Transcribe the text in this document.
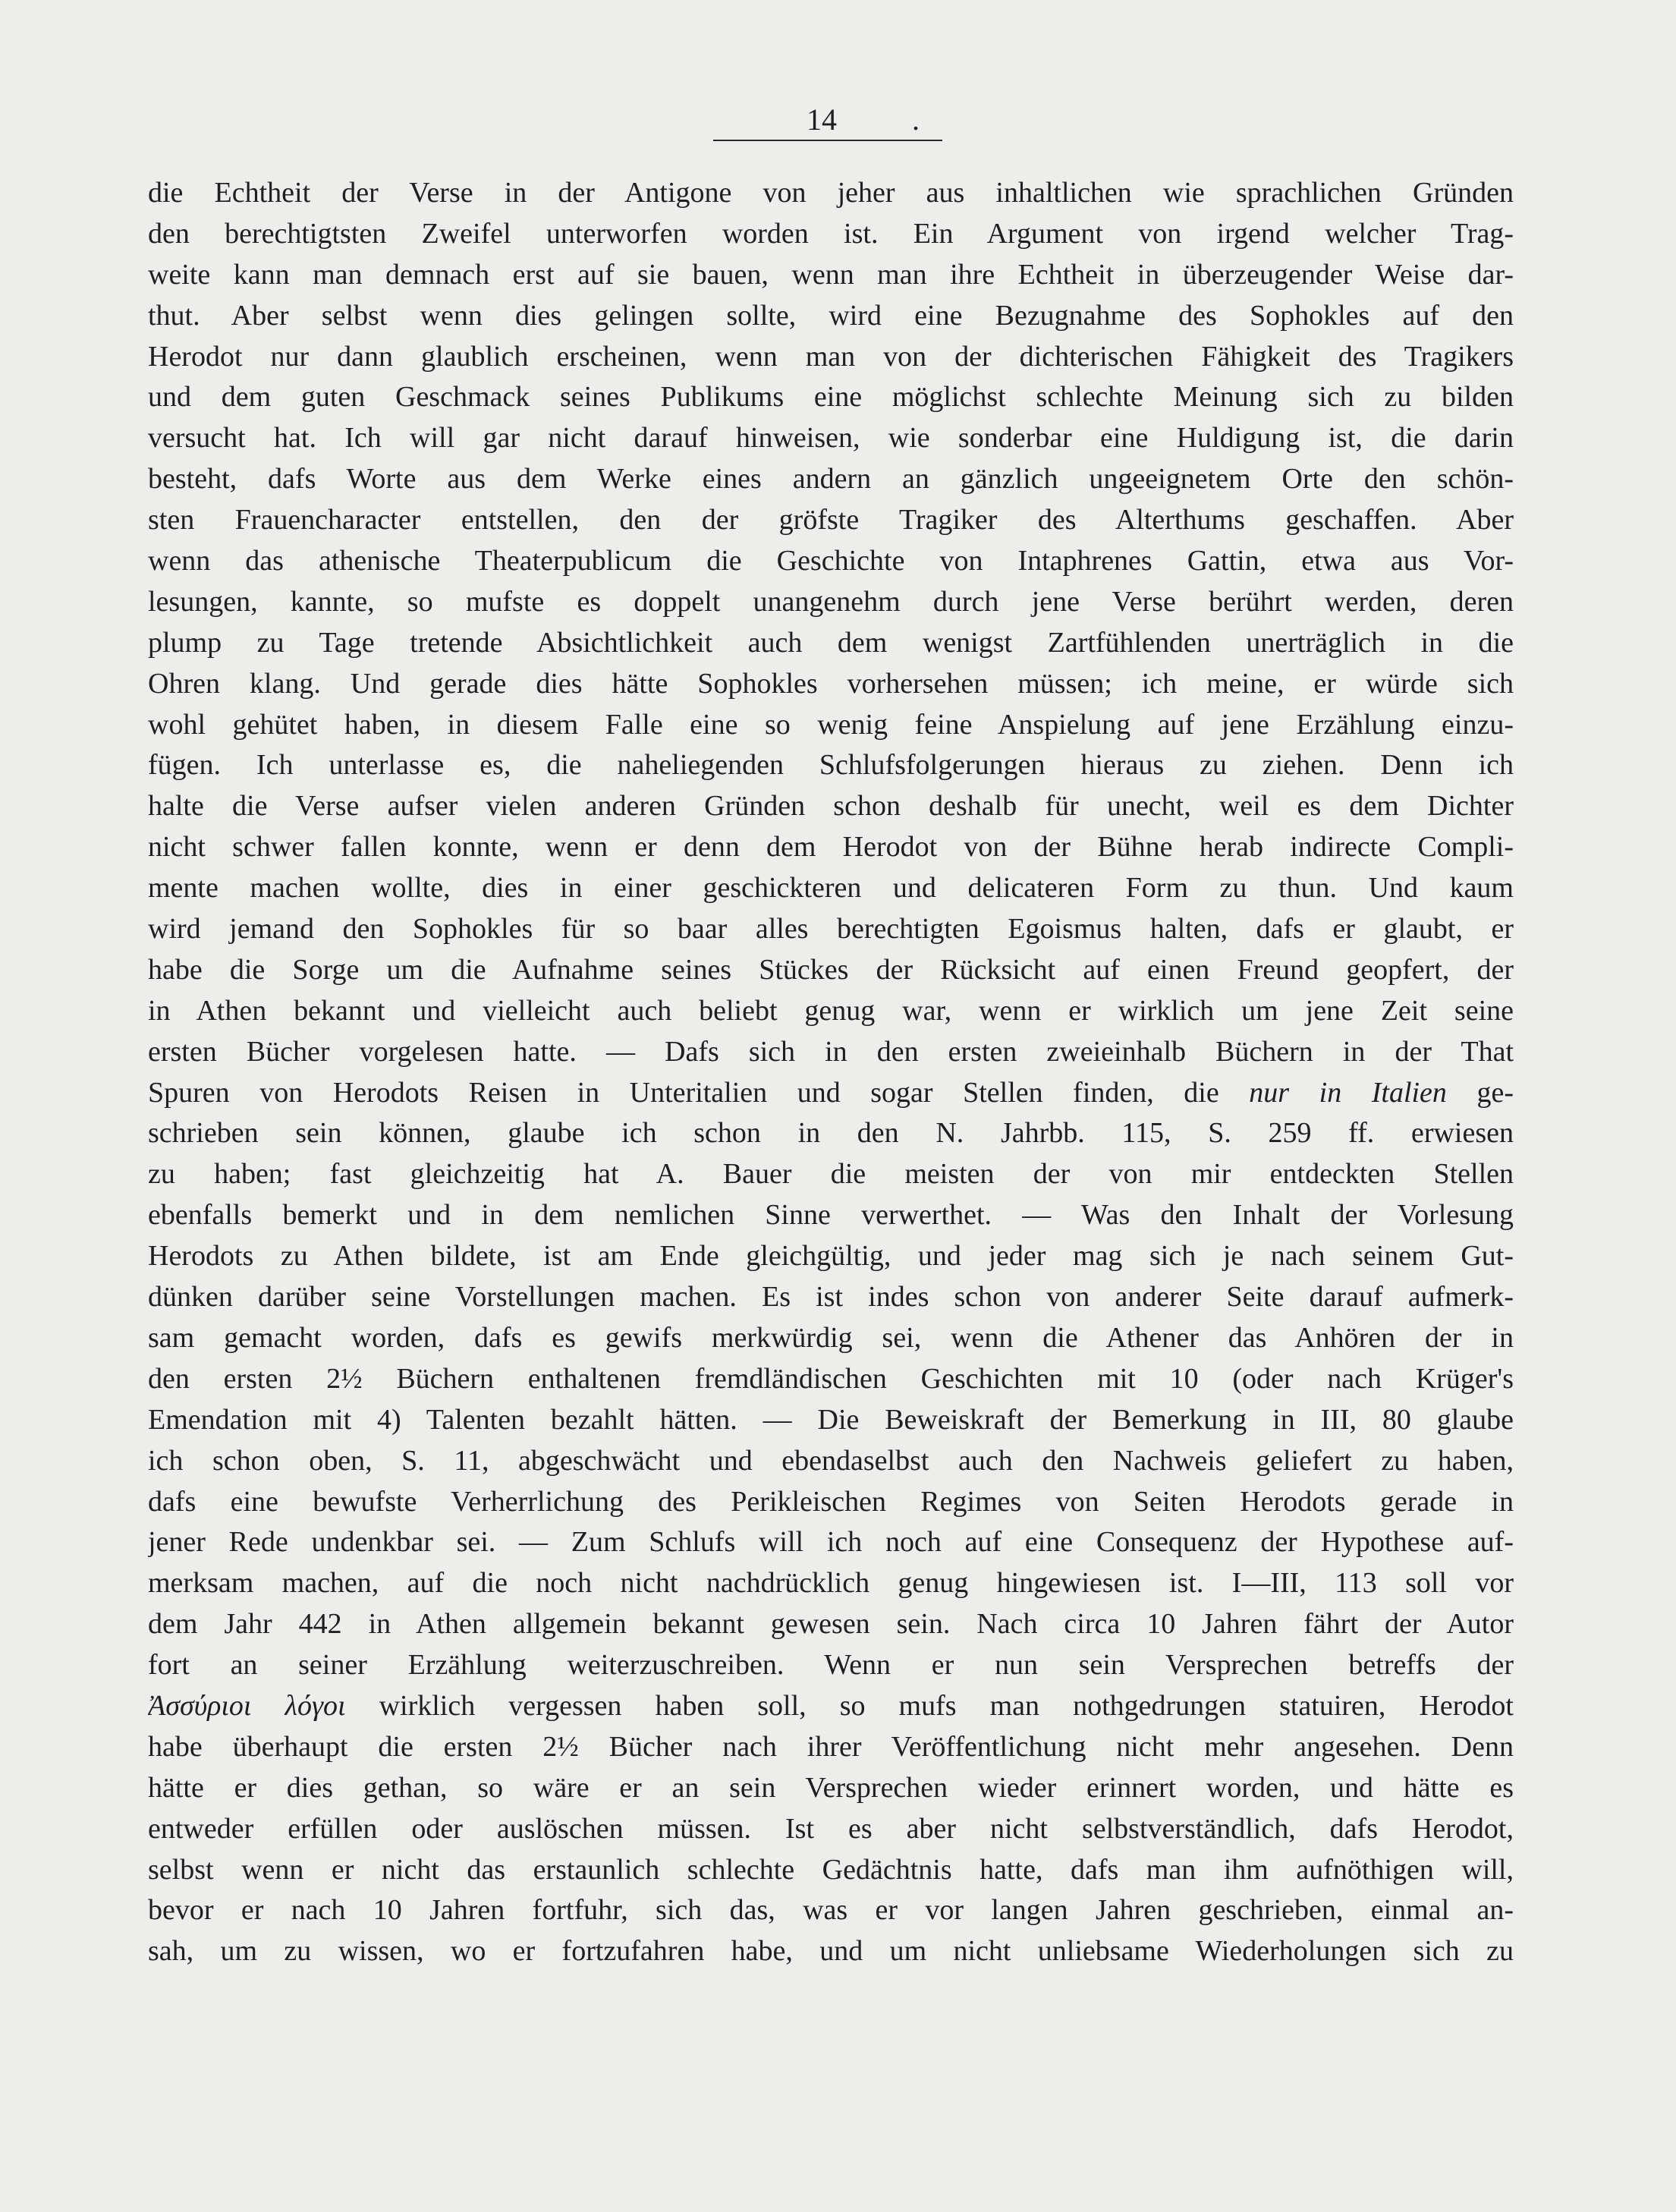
14 .
die Echtheit der Verse in der Antigone von jeher aus inhaltlichen wie sprachlichen Gründen
den berechtigtsten Zweifel unterworfen worden ist. Ein Argument von irgend welcher Trag-
weite kann man demnach erst auf sie bauen, wenn man ihre Echtheit in überzeugender Weise dar-
thut. Aber selbst wenn dies gelingen sollte, wird eine Bezugnahme des Sophokles auf den
Herodot nur dann glaublich erscheinen, wenn man von der dichterischen Fähigkeit des Tragikers
und dem guten Geschmack seines Publikums eine möglichst schlechte Meinung sich zu bilden
versucht hat. Ich will gar nicht darauf hinweisen, wie sonderbar eine Huldigung ist, die darin
besteht, dafs Worte aus dem Werke eines andern an gänzlich ungeeignetem Orte den schön-
sten Frauencharacter entstellen, den der gröfste Tragiker des Alterthums geschaffen. Aber
wenn das athenische Theaterpublicum die Geschichte von Intaphrenes Gattin, etwa aus Vor-
lesungen, kannte, so mufste es doppelt unangenehm durch jene Verse berührt werden, deren
plump zu Tage tretende Absichtlichkeit auch dem wenigst Zartfühlenden unerträglich in die
Ohren klang. Und gerade dies hätte Sophokles vorhersehen müssen; ich meine, er würde sich
wohl gehütet haben, in diesem Falle eine so wenig feine Anspielung auf jene Erzählung einzu-
fügen. Ich unterlasse es, die naheliegenden Schlufsfolgerungen hieraus zu ziehen. Denn ich
halte die Verse aufser vielen anderen Gründen schon deshalb für unecht, weil es dem Dichter
nicht schwer fallen konnte, wenn er denn dem Herodot von der Bühne herab indirecte Compli-
mente machen wollte, dies in einer geschickteren und delicateren Form zu thun. Und kaum
wird jemand den Sophokles für so baar alles berechtigten Egoismus halten, dafs er glaubt, er
habe die Sorge um die Aufnahme seines Stückes der Rücksicht auf einen Freund geopfert, der
in Athen bekannt und vielleicht auch beliebt genug war, wenn er wirklich um jene Zeit seine
ersten Bücher vorgelesen hatte. — Dafs sich in den ersten zweieinhalb Büchern in der That
Spuren von Herodots Reisen in Unteritalien und sogar Stellen finden, die nur in Italien ge-
schrieben sein können, glaube ich schon in den N. Jahrbb. 115, S. 259 ff. erwiesen
zu haben; fast gleichzeitig hat A. Bauer die meisten der von mir entdeckten Stellen
ebenfalls bemerkt und in dem nemlichen Sinne verwerthet. — Was den Inhalt der Vorlesung
Herodots zu Athen bildete, ist am Ende gleichgültig, und jeder mag sich je nach seinem Gut-
dünken darüber seine Vorstellungen machen. Es ist indes schon von anderer Seite darauf aufmerk-
sam gemacht worden, dafs es gewifs merkwürdig sei, wenn die Athener das Anhören der in
den ersten 2½ Büchern enthaltenen fremdländischen Geschichten mit 10 (oder nach Krüger's
Emendation mit 4) Talenten bezahlt hätten. — Die Beweiskraft der Bemerkung in III, 80 glaube
ich schon oben, S. 11, abgeschwächt und ebendaselbst auch den Nachweis geliefert zu haben,
dafs eine bewufste Verherrlichung des Perikleischen Regimes von Seiten Herodots gerade in
jener Rede undenkbar sei. — Zum Schlufs will ich noch auf eine Consequenz der Hypothese auf-
merksam machen, auf die noch nicht nachdrücklich genug hingewiesen ist. I—III, 113 soll vor
dem Jahr 442 in Athen allgemein bekannt gewesen sein. Nach circa 10 Jahren fährt der Autor
fort an seiner Erzählung weiterzuschreiben. Wenn er nun sein Versprechen betreffs der
Ἀσσύριοι λόγοι wirklich vergessen haben soll, so mufs man nothgedrungen statuiren, Herodot
habe überhaupt die ersten 2½ Bücher nach ihrer Veröffentlichung nicht mehr angesehen. Denn
hätte er dies gethan, so wäre er an sein Versprechen wieder erinnert worden, und hätte es
entweder erfüllen oder auslöschen müssen. Ist es aber nicht selbstverständlich, dafs Herodot,
selbst wenn er nicht das erstaunlich schlechte Gedächtnis hatte, dafs man ihm aufnöthigen will,
bevor er nach 10 Jahren fortfuhr, sich das, was er vor langen Jahren geschrieben, einmal an-
sah, um zu wissen, wo er fortzufahren habe, und um nicht unliebsame Wiederholungen sich zu
